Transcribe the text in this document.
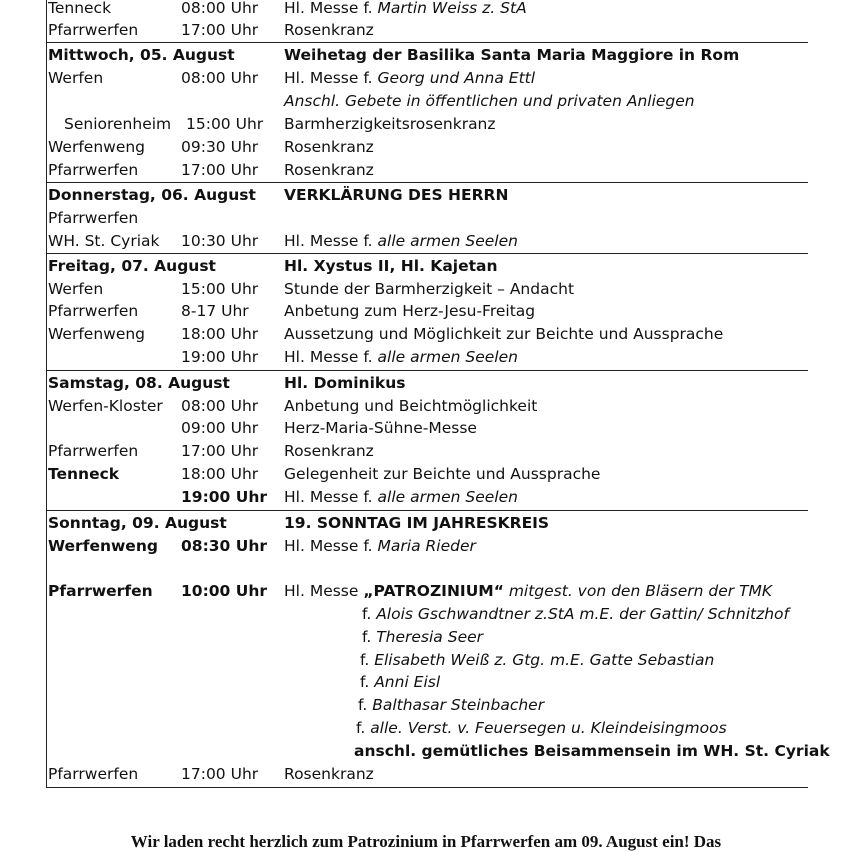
Tenneck	08:00 Uhr Hl. Messe f. Martin Weiss z. StA
Pfarrwerfen	17:00 Uhr Rosenkranz
Mittwoch, 05. August	Weihetag der Basilika Santa Maria Maggiore in Rom
Werfen	08:00 Uhr Hl. Messe f. Georg und Anna Ettl
Anschl. Gebete in öffentlichen und privaten Anliegen
Seniorenheim 15:00 Uhr Barmherzigkeitsrosenkranz
Werfenweng 09:30 Uhr Rosenkranz
Pfarrwerfen	17:00 Uhr Rosenkranz
Donnerstag, 06. August VERKLÄRUNG DES HERRN
Pfarrwerfen
WH. St. Cyriak 10:30 Uhr Hl. Messe f. alle armen Seelen
Freitag, 07. August	Hl. Xystus II, Hl. Kajetan
Werfen	15:00 Uhr Stunde der Barmherzigkeit – Andacht
Pfarrwerfen	8-17 Uhr Anbetung zum Herz-Jesu-Freitag
Werfenweng 18:00 Uhr Aussetzung und Möglichkeit zur Beichte und Aussprache
19:00 Uhr Hl. Messe f. alle armen Seelen
Samstag, 08. August	Hl. Dominikus
Werfen-Kloster 08:00 Uhr Anbetung und Beichtmöglichkeit
09:00 Uhr Herz-Maria-Sühne-Messe
Pfarrwerfen	17:00 Uhr Rosenkranz
Tenneck	18:00 Uhr Gelegenheit zur Beichte und Aussprache
19:00 Uhr Hl. Messe f. alle armen Seelen
Sonntag, 09. August	19. SONNTAG IM JAHRESKREIS
Werfenweng 08:30 Uhr Hl. Messe f. Maria Rieder
Pfarrwerfen 10:00 Uhr Hl. Messe „PATROZINIUM“ mitgest. von den Bläsern der TMK
f. Alois Gschwandtner z.StA m.E. der Gattin/ Schnitzhof
f. Theresia Seer
f. Elisabeth Weiß z. Gtg. m.E. Gatte Sebastian
f. Anni Eisl
f. Balthasar Steinbacher
f. alle. Verst. v. Feuersegen u. Kleindeisingmoos
anschl. gemütliches Beisammensein im WH. St. Cyriak
Pfarrwerfen	17:00 Uhr Rosenkranz
Wir laden recht herzlich zum Patrozinium in Pfarrwerfen am 09. August ein! Das
